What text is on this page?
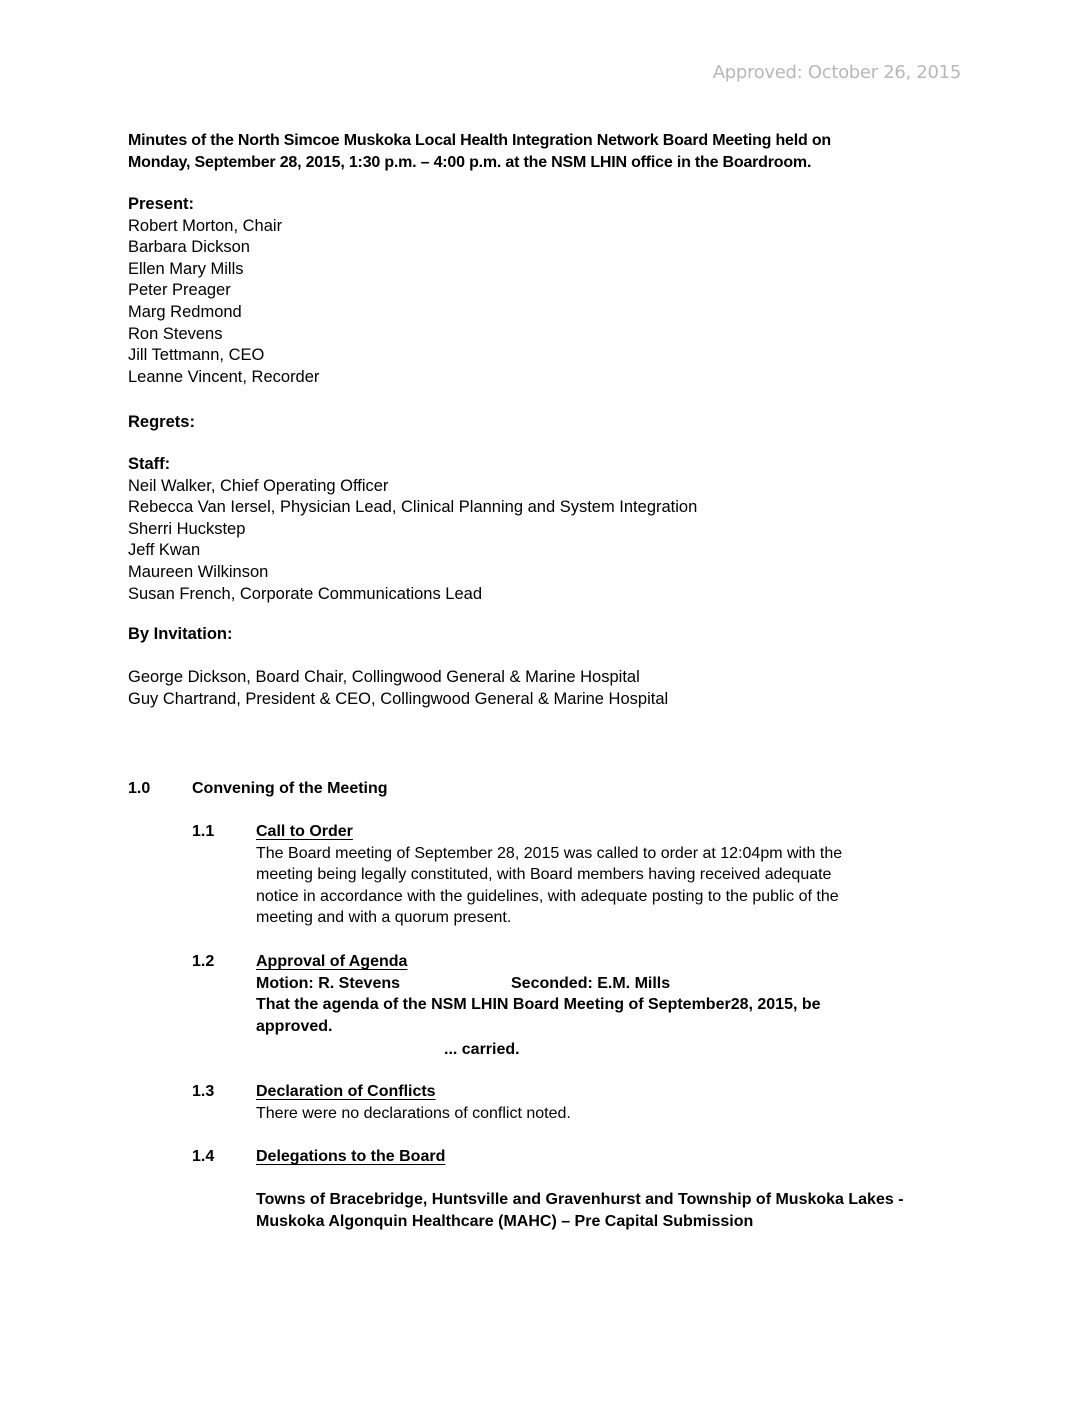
Approved: October 26, 2015
Minutes of the North Simcoe Muskoka Local Health Integration Network Board Meeting held on
Monday, September 28, 2015, 1:30 p.m. – 4:00 p.m. at the NSM LHIN office in the Boardroom.
Present:
Robert Morton, Chair
Barbara Dickson
Ellen Mary Mills
Peter Preager
Marg Redmond
Ron Stevens
Jill Tettmann, CEO
Leanne Vincent, Recorder
Regrets:
Staff:
Neil Walker, Chief Operating Officer
Rebecca Van Iersel, Physician Lead, Clinical Planning and System Integration
Sherri Huckstep
Jeff Kwan
Maureen Wilkinson
Susan French, Corporate Communications Lead
By Invitation:
George Dickson, Board Chair, Collingwood General & Marine Hospital
Guy Chartrand, President & CEO, Collingwood General & Marine Hospital
1.0	Convening of the Meeting
1.1	Call to Order
The Board meeting of September 28, 2015 was called to order at 12:04pm with the
meeting being legally constituted, with Board members having received adequate
notice in accordance with the guidelines, with adequate posting to the public of the
meeting and with a quorum present.
1.2	Approval of Agenda
Motion: R. Stevens	Seconded: E.M. Mills
That the agenda of the NSM LHIN Board Meeting of September28, 2015, be
approved.
... carried.
1.3	Declaration of Conflicts
There were no declarations of conflict noted.
1.4	Delegations to the Board
Towns of Bracebridge, Huntsville and Gravenhurst and Township of Muskoka Lakes -
Muskoka Algonquin Healthcare (MAHC) – Pre Capital Submission
